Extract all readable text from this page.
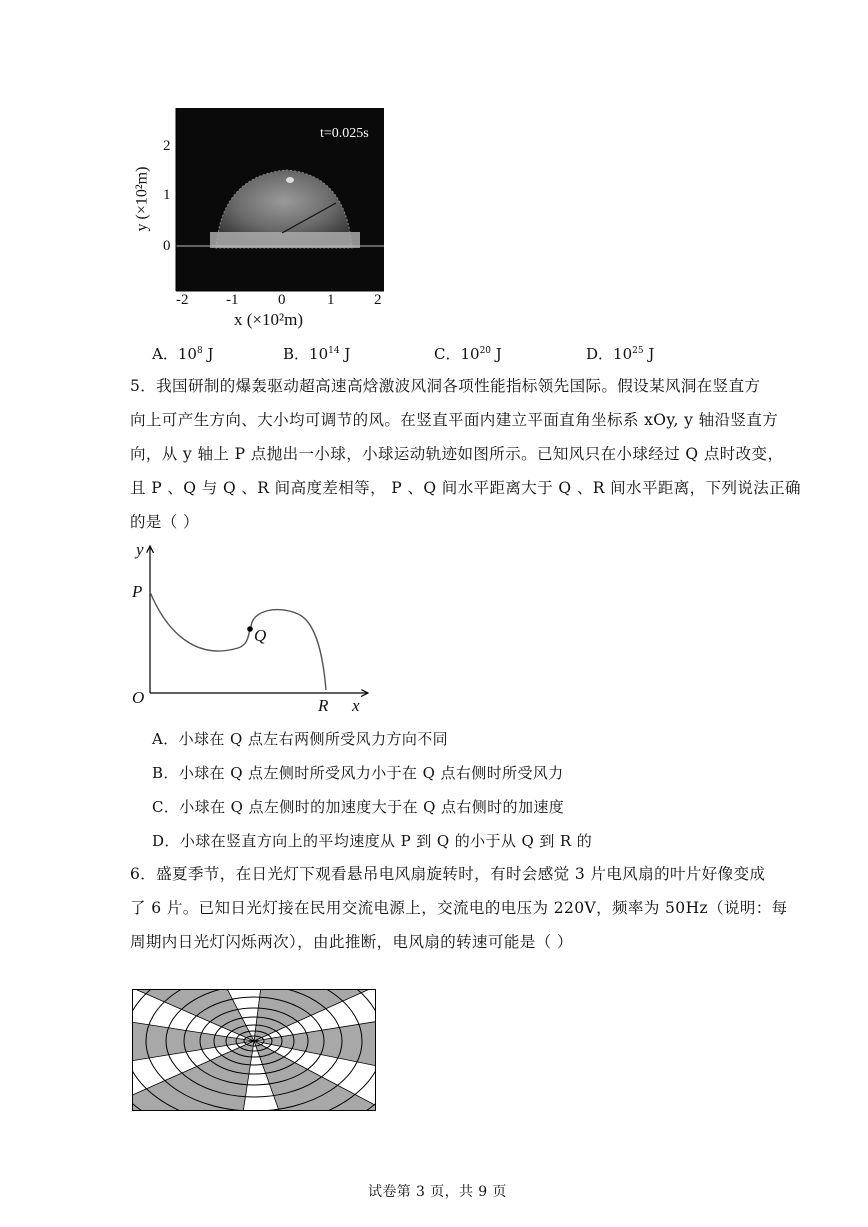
t=0.025s
2
1
0
y (×10²m)
-2	-1	0	1	2
x (×10²m)
A．$10^8$ J	B．$10^{14}$ J	C．$10^{20}$ J	D．$10^{25}$ J
5．我国研制的爆轰驱动超高速高焓激波风洞各项性能指标领先国际。假设某风洞在竖直方
向上可产生方向、大小均可调节的风。在竖直平面内建立平面直角坐标系 xOy, y 轴沿竖直方
向，从 y 轴上 P 点抛出一小球，小球运动轨迹如图所示。已知风只在小球经过 Q 点时改变，
且 P 、Q 与 Q 、R 间高度差相等， P 、Q 间水平距离大于 Q 、R 间水平距离，下列说法正确
的是（ ）
y
P
Q
O	R x
A．小球在 Q 点左右两侧所受风力方向不同
B．小球在 Q 点左侧时所受风力小于在 Q 点右侧时所受风力
C．小球在 Q 点左侧时的加速度大于在 Q 点右侧时的加速度
D．小球在竖直方向上的平均速度从 P 到 Q 的小于从 Q 到 R 的
6．盛夏季节，在日光灯下观看悬吊电风扇旋转时，有时会感觉 3 片电风扇的叶片好像变成
了 6 片。已知日光灯接在民用交流电源上，交流电的电压为 220V，频率为 50Hz（说明：每
周期内日光灯闪烁两次），由此推断，电风扇的转速可能是（ ）
试卷第 3 页，共 9 页
